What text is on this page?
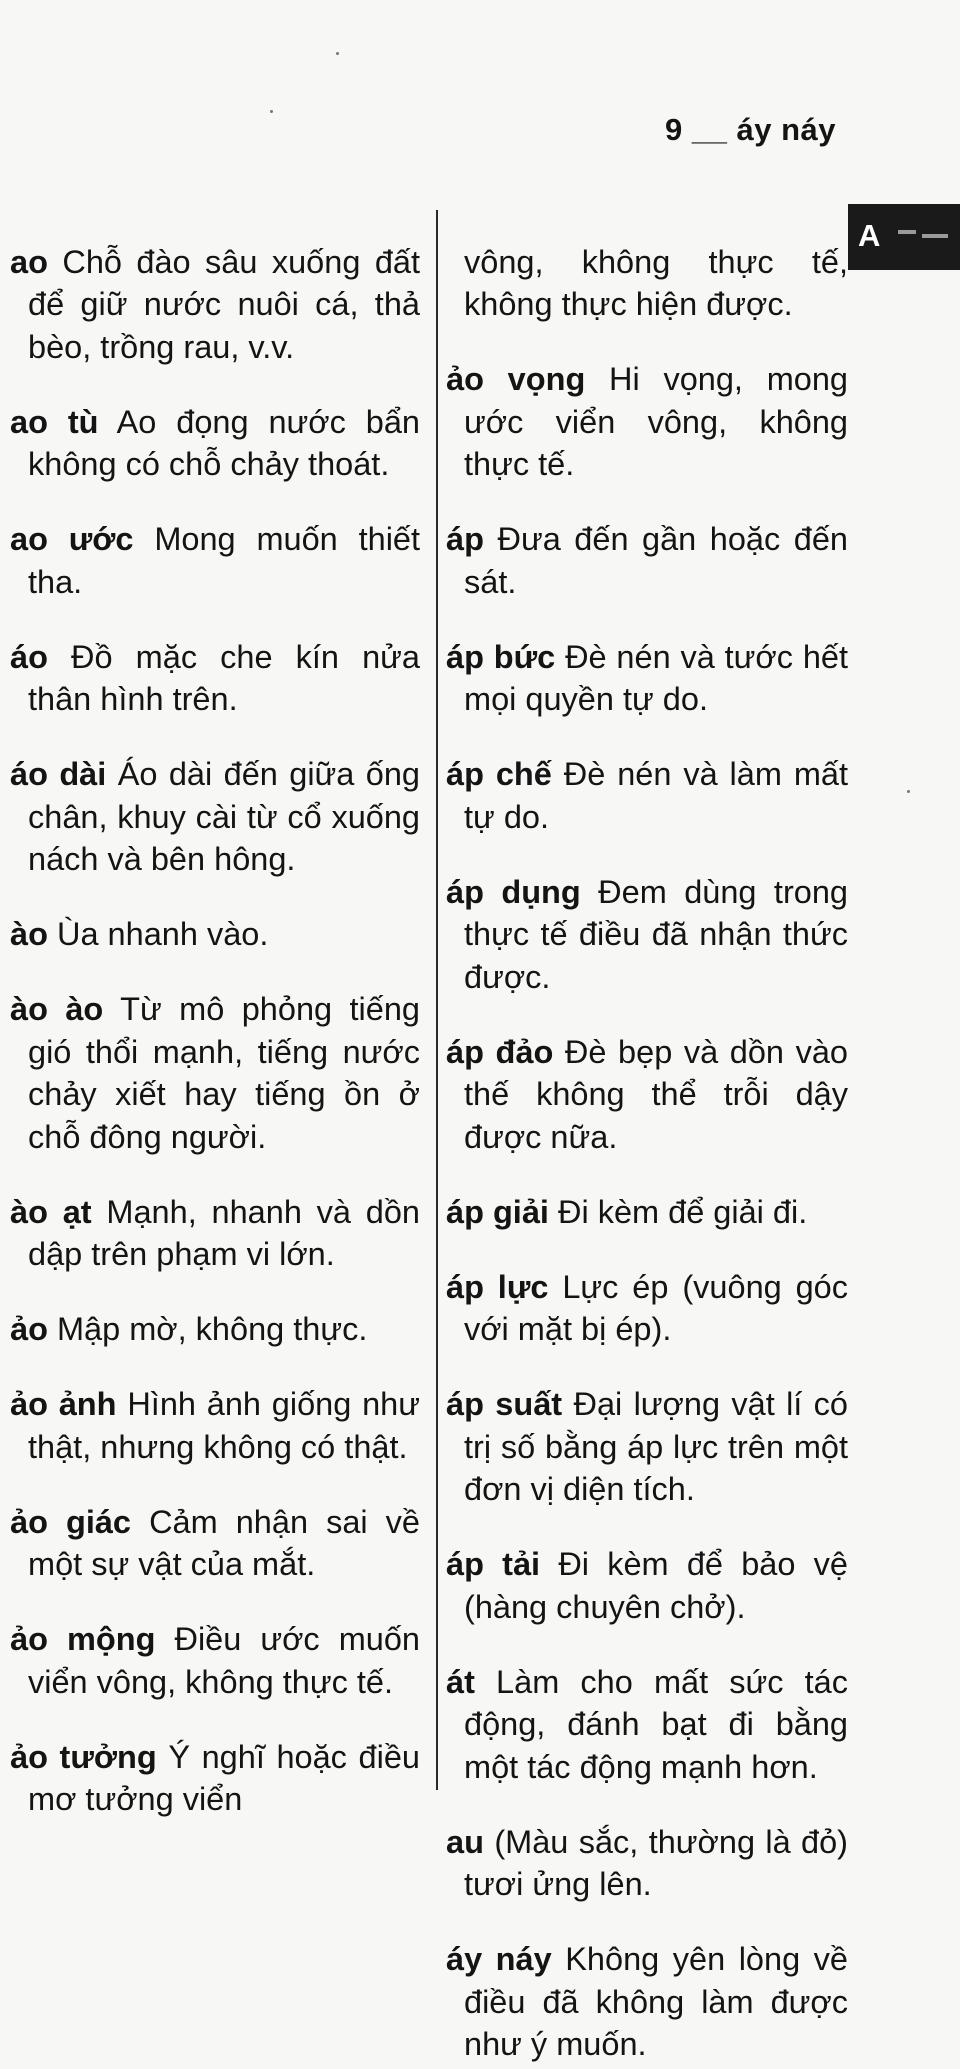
9 __ áy náy
A

ao Chỗ đào sâu xuống đất để giữ nước nuôi cá, thả bèo, trồng rau, v.v.

ao tù Ao đọng nước bẩn không có chỗ chảy thoát.

ao ước Mong muốn thiết tha.

áo Đồ mặc che kín nửa thân hình trên.

áo dài Áo dài đến giữa ống chân, khuy cài từ cổ xuống nách và bên hông.

ào Ùa nhanh vào.

ào ào Từ mô phỏng tiếng gió thổi mạnh, tiếng nước chảy xiết hay tiếng ồn ở chỗ đông người.

ào ạt Mạnh, nhanh và dồn dập trên phạm vi lớn.

ảo Mập mờ, không thực.

ảo ảnh Hình ảnh giống như thật, nhưng không có thật.

ảo giác Cảm nhận sai về một sự vật của mắt.

ảo mộng Điều ước muốn viển vông, không thực tế.

ảo tưởng Ý nghĩ hoặc điều mơ tưởng viển

vông, không thực tế, không thực hiện được.

ảo vọng Hi vọng, mong ước viển vông, không thực tế.

áp Đưa đến gần hoặc đến sát.

áp bức Đè nén và tước hết mọi quyền tự do.

áp chế Đè nén và làm mất tự do.

áp dụng Đem dùng trong thực tế điều đã nhận thức được.

áp đảo Đè bẹp và dồn vào thế không thể trỗi dậy được nữa.

áp giải Đi kèm để giải đi.

áp lực Lực ép (vuông góc với mặt bị ép).

áp suất Đại lượng vật lí có trị số bằng áp lực trên một đơn vị diện tích.

áp tải Đi kèm để bảo vệ (hàng chuyên chở).

át Làm cho mất sức tác động, đánh bạt đi bằng một tác động mạnh hơn.

au (Màu sắc, thường là đỏ) tươi ửng lên.

áy náy Không yên lòng về điều đã không làm được như ý muốn.
